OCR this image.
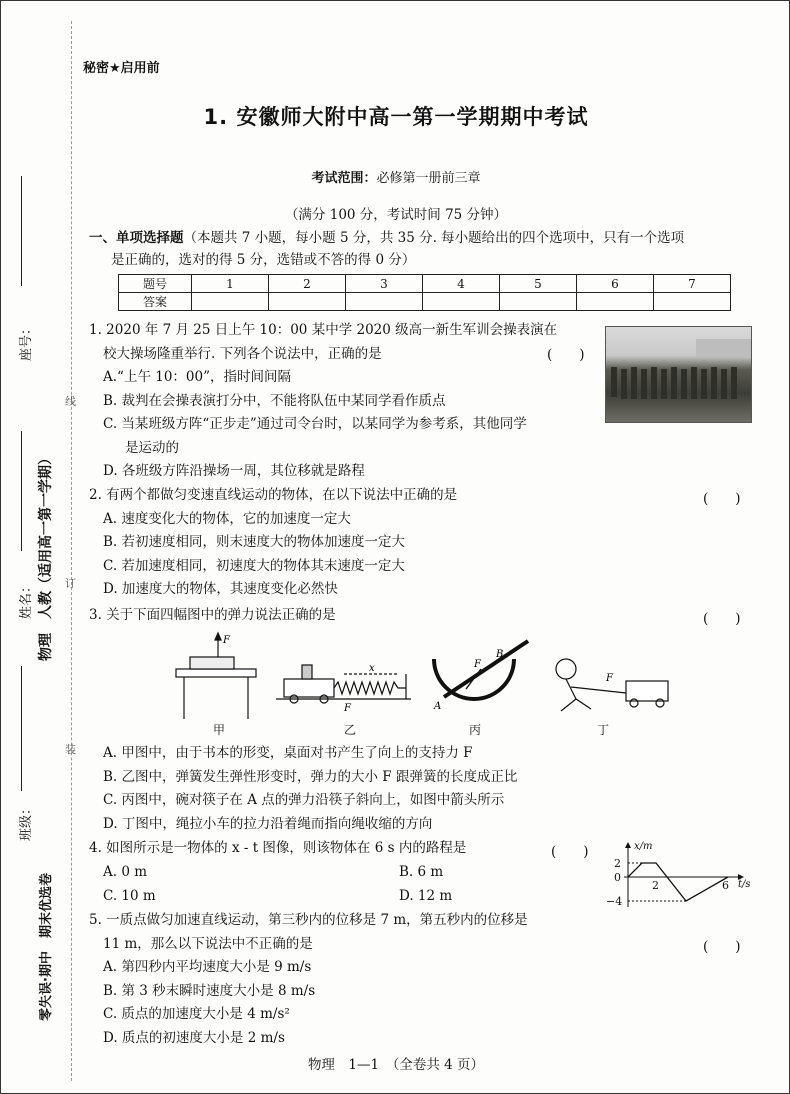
线
订
装
座号：
姓名：
班级：
物理　人教（适用高一第一学期）
零失误·期中　期末优选卷
秘密★启用前
1. 安徽师大附中高一第一学期期中考试
考试范围：必修第一册前三章
（满分 100 分，考试时间 75 分钟）
一、单项选择题（本题共 7 小题，每小题 5 分，共 35 分. 每小题给出的四个选项中，只有一个选项
是正确的，选对的得 5 分，选错或不答的得 0 分）
题号	1	2	3	4	5	6	7
答案							
1. 2020 年 7 月 25 日上午 10：00 某中学 2020 级高一新生军训会操表演在
校大操场隆重举行. 下列各个说法中，正确的是
A.“上午 10：00”，指时间间隔
B. 裁判在会操表演打分中，不能将队伍中某同学看作质点
C. 当某班级方阵“正步走”通过司令台时，以某同学为参考系，其他同学
是运动的
D. 各班级方阵沿操场一周，其位移就是路程
(　　)
2. 有两个都做匀变速直线运动的物体，在以下说法中正确的是
A. 速度变化大的物体，它的加速度一定大
B. 若初速度相同，则末速度大的物体加速度一定大
C. 若加速度相同，初速度大的物体其末速度一定大
D. 加速度大的物体，其速度变化必然快
(　　)
3. 关于下面四幅图中的弹力说法正确的是	(　　)
F
x
F	A
B
F
F
甲	乙	丙	丁
A. 甲图中，由于书本的形变，桌面对书产生了向上的支持力 F
B. 乙图中，弹簧发生弹性形变时，弹力的大小 F 跟弹簧的长度成正比
C. 丙图中，碗对筷子在 A 点的弹力沿筷子斜向上，如图中箭头所示
D. 丁图中，绳拉小车的拉力沿着绳而指向绳收缩的方向
4. 如图所示是一物体的 x - t 图像，则该物体在 6 s 内的路程是	(　　)
A. 0 m	B. 6 m
C. 10 m	D. 12 m
x/m
2
0
−4
2	6 t/s
5. 一质点做匀加速直线运动，第三秒内的位移是 7 m，第五秒内的位移是
11 m，那么以下说法中不正确的是
A. 第四秒内平均速度大小是 9 m/s
B. 第 3 秒末瞬时速度大小是 8 m/s
C. 质点的加速度大小是 4 m/s²
D. 质点的初速度大小是 2 m/s
(　　)
物理　1—1　（全卷共 4 页）
